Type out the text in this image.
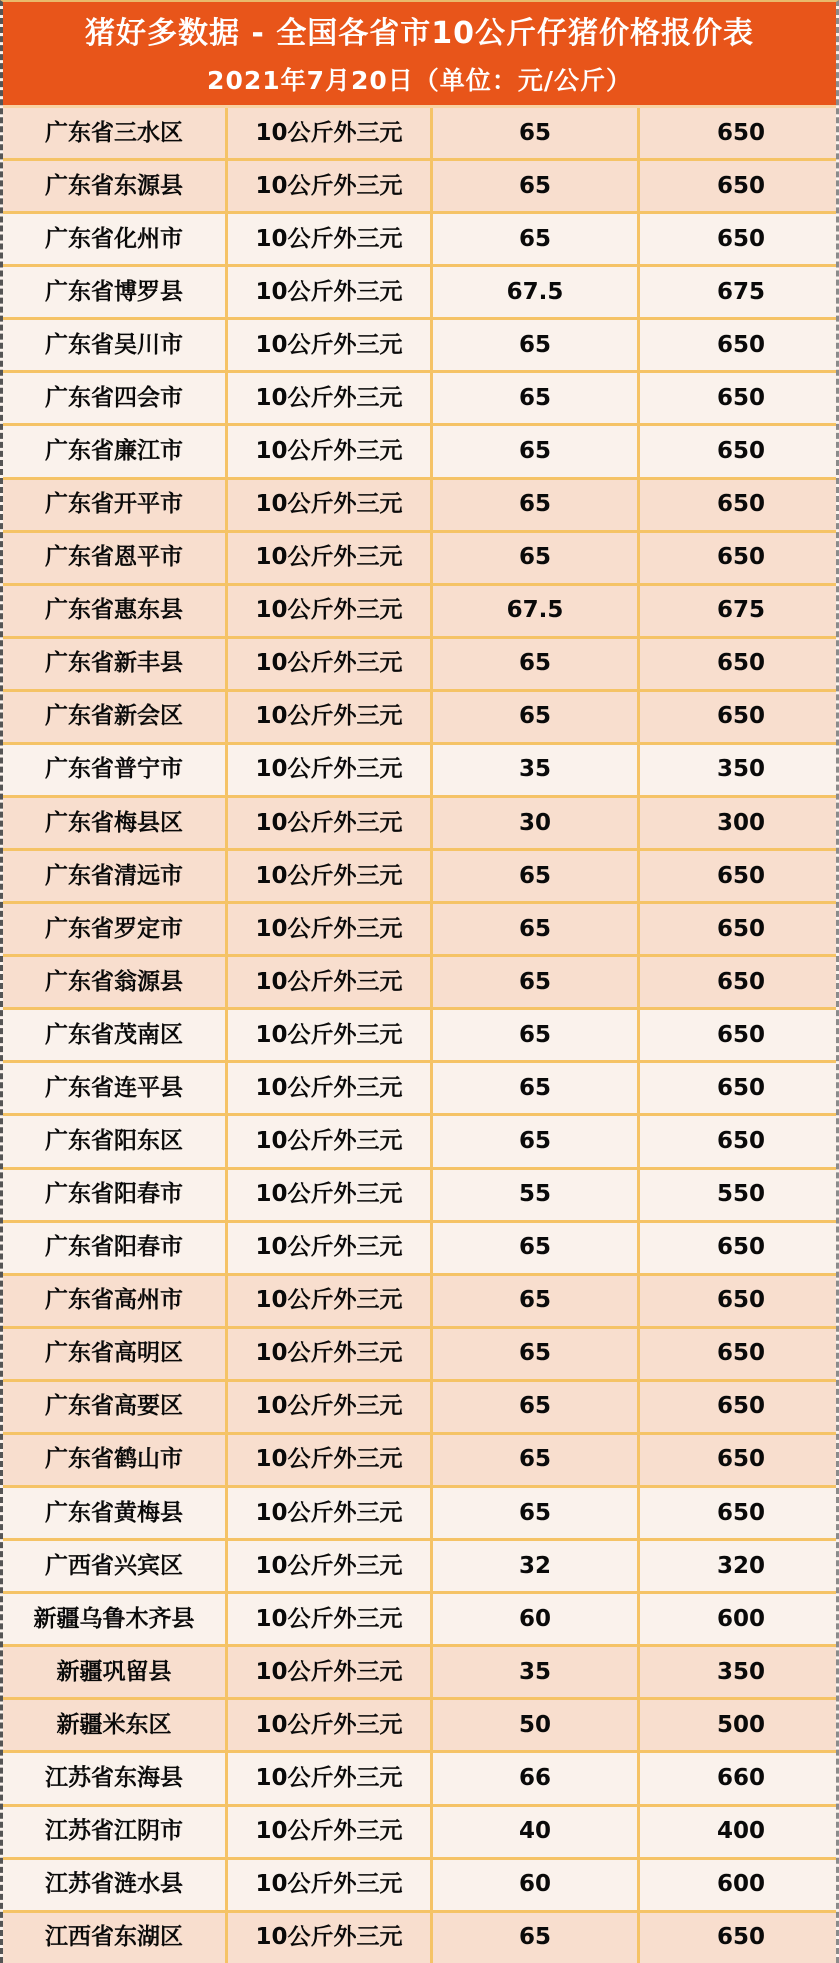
猪好多数据 - 全国各省市10公斤仔猪价格报价表
2021年7月20日（单位：元/公斤）
广东省三水区	10公斤外三元	65	650
广东省东源县	10公斤外三元	65	650
广东省化州市	10公斤外三元	65	650
广东省博罗县	10公斤外三元	67.5	675
广东省吴川市	10公斤外三元	65	650
广东省四会市	10公斤外三元	65	650
广东省廉江市	10公斤外三元	65	650
广东省开平市	10公斤外三元	65	650
广东省恩平市	10公斤外三元	65	650
广东省惠东县	10公斤外三元	67.5	675
广东省新丰县	10公斤外三元	65	650
广东省新会区	10公斤外三元	65	650
广东省普宁市	10公斤外三元	35	350
广东省梅县区	10公斤外三元	30	300
广东省清远市	10公斤外三元	65	650
广东省罗定市	10公斤外三元	65	650
广东省翁源县	10公斤外三元	65	650
广东省茂南区	10公斤外三元	65	650
广东省连平县	10公斤外三元	65	650
广东省阳东区	10公斤外三元	65	650
广东省阳春市	10公斤外三元	55	550
广东省阳春市	10公斤外三元	65	650
广东省高州市	10公斤外三元	65	650
广东省高明区	10公斤外三元	65	650
广东省高要区	10公斤外三元	65	650
广东省鹤山市	10公斤外三元	65	650
广东省黄梅县	10公斤外三元	65	650
广西省兴宾区	10公斤外三元	32	320
新疆乌鲁木齐县	10公斤外三元	60	600
新疆巩留县	10公斤外三元	35	350
新疆米东区	10公斤外三元	50	500
江苏省东海县	10公斤外三元	66	660
江苏省江阴市	10公斤外三元	40	400
江苏省涟水县	10公斤外三元	60	600
江西省东湖区	10公斤外三元	65	650
